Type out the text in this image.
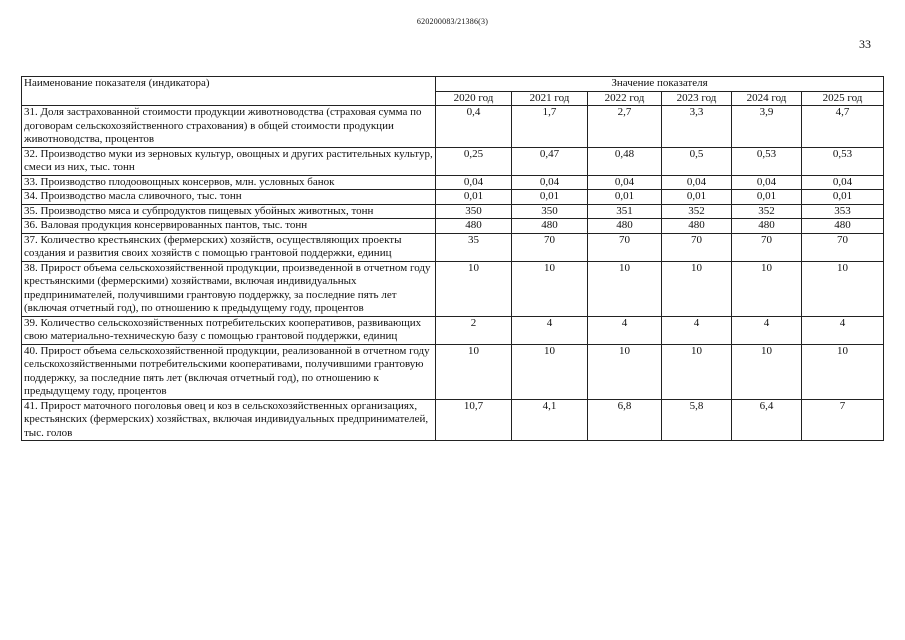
620200083/21386(3)
33
Наименование показателя (индикатора)	Значение показателя					
	2020 год	2021 год	2022 год	2023 год	2024 год	2025 год
31. Доля застрахованной стоимости продукции животноводства (страховая сумма по договорам сельскохозяйственного страхования) в общей стоимости продукции животноводства, процентов	0,4	1,7	2,7	3,3	3,9	4,7
32. Производство муки из зерновых культур, овощных и других растительных культур, смеси из них, тыс. тонн	0,25	0,47	0,48	0,5	0,53	0,53
33. Производство плодоовощных консервов, млн. условных банок	0,04	0,04	0,04	0,04	0,04	0,04
34. Производство масла сливочного, тыс. тонн	0,01	0,01	0,01	0,01	0,01	0,01
35. Производство мяса и субпродуктов пищевых убойных животных, тонн	350	350	351	352	352	353
36. Валовая продукция консервированных пантов, тыс. тонн	480	480	480	480	480	480
37. Количество крестьянских (фермерских) хозяйств, осуществляющих проекты создания и развития своих хозяйств с помощью грантовой поддержки, единиц	35	70	70	70	70	70
38. Прирост объема сельскохозяйственной продукции, произведенной в отчетном году крестьянскими (фермерскими) хозяйствами, включая индивидуальных предпринимателей, получившими грантовую поддержку, за последние пять лет (включая отчетный год), по отношению к предыдущему году, процентов	10	10	10	10	10	10
39. Количество сельскохозяйственных потребительских кооперативов, развивающих свою материально-техническую базу с помощью грантовой поддержки, единиц	2	4	4	4	4	4
40. Прирост объема сельскохозяйственной продукции, реализованной в отчетном году сельскохозяйственными потребительскими кооперативами, получившими грантовую поддержку, за последние пять лет (включая отчетный год), по отношению к предыдущему году, процентов	10	10	10	10	10	10
41. Прирост маточного поголовья овец и коз в сельскохозяйственных организациях, крестьянских (фермерских) хозяйствах, включая индивидуальных предпринимателей, тыс. голов	10,7	4,1	6,8	5,8	6,4	7
